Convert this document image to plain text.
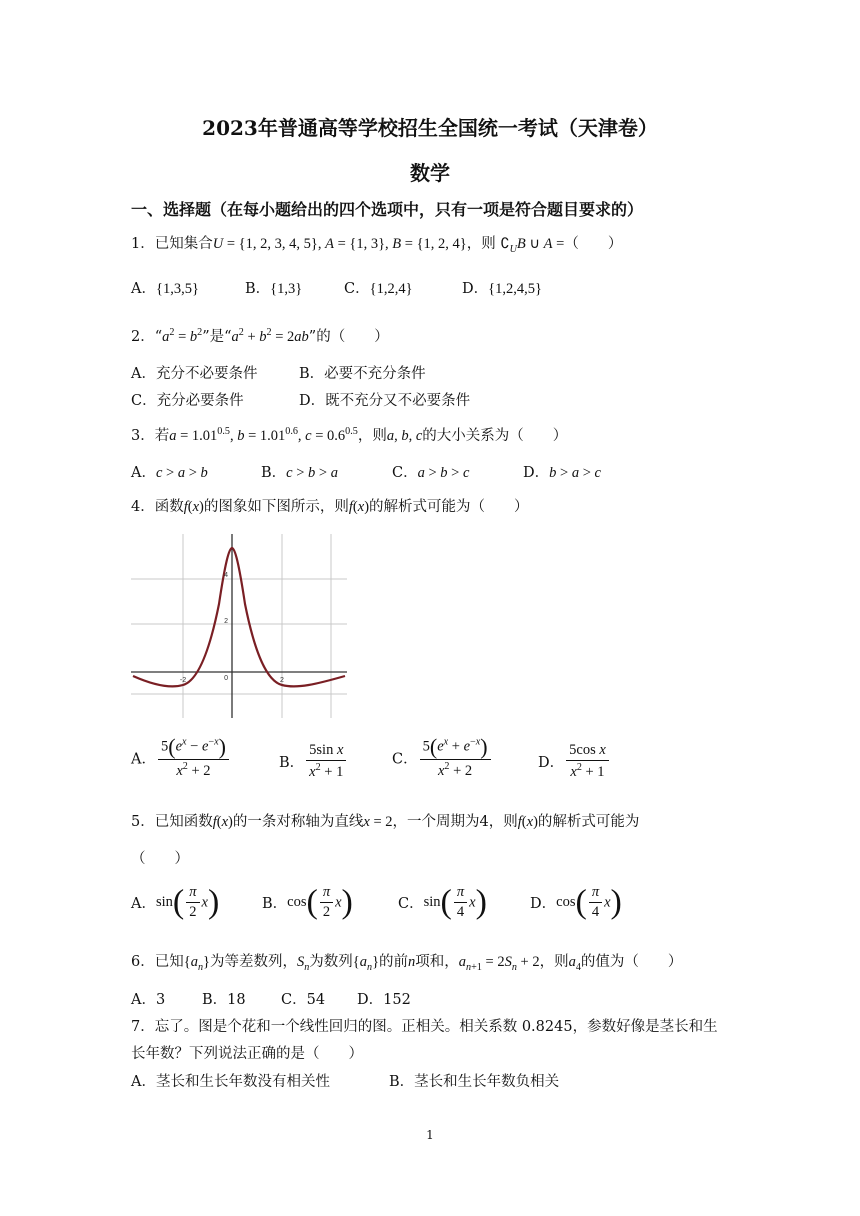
2023年普通高等学校招生全国统一考试（天津卷）
数学
一、选择题（在每小题给出的四个选项中，只有一项是符合题目要求的）
1．已知集合U = {1, 2, 3, 4, 5}, A = {1, 3}, B = {1, 2, 4}，则 $∁_UB$ ∪ A =（　　）
A．{1,3,5}	B．{1,3}	C．{1,2,4}	D．{1,2,4,5}
2．“$a^2 = b^2$”是“$a^2 + b^2 = 2ab$”的（　　）
A．充分不必要条件	B．必要不充分条件
C．充分必要条件	D．既不充分又不必要条件
3．若$a = 1.01^{0.5}$, $b = 1.01^{0.6}$, $c = 0.6^{0.5}$，则a, b, c的大小关系为（　　）
A．c > a > b	B．c > b > a	C．a > b > c	D．b > a > c
4．函数f(x)的图象如下图所示，则f(x)的解析式可能为（　　）
4
2
-2	0	2
A． $\frac{5(e^x - e^{-x})}{x^2 + 2}$	B． $\frac{\text{5sin x}}{x^2 + 1}$	C． $\frac{5(e^x + e^{-x})}{x^2 + 2}$	D． $\frac{\text{5cos x}}{x^2 + 1}$
5．已知函数f(x)的一条对称轴为直线x = 2，一个周期为4，则f(x)的解析式可能为
（　　）
A．$\sin( \frac{\pi}{2} x)$	B．$\cos( \frac{\pi}{2} x)$	C．$\sin( \frac{\pi}{4} x)$	D．$\cos( \frac{\pi}{4} x)$
6．已知$\{a_n\}$为等差数列，$S_n$为数列$\{a_n\}$的前n项和，$a_{n+1} = 2S_n + 2$，则$a_4$的值为（　　）
A．3	B．18 C．54 D．152
7．忘了。图是个花和一个线性回归的图。正相关。相关系数 0.8245，参数好像是茎长和生
长年数？下列说法正确的是（　　）
A．茎长和生长年数没有相关性	B．茎长和生长年数负相关
1
